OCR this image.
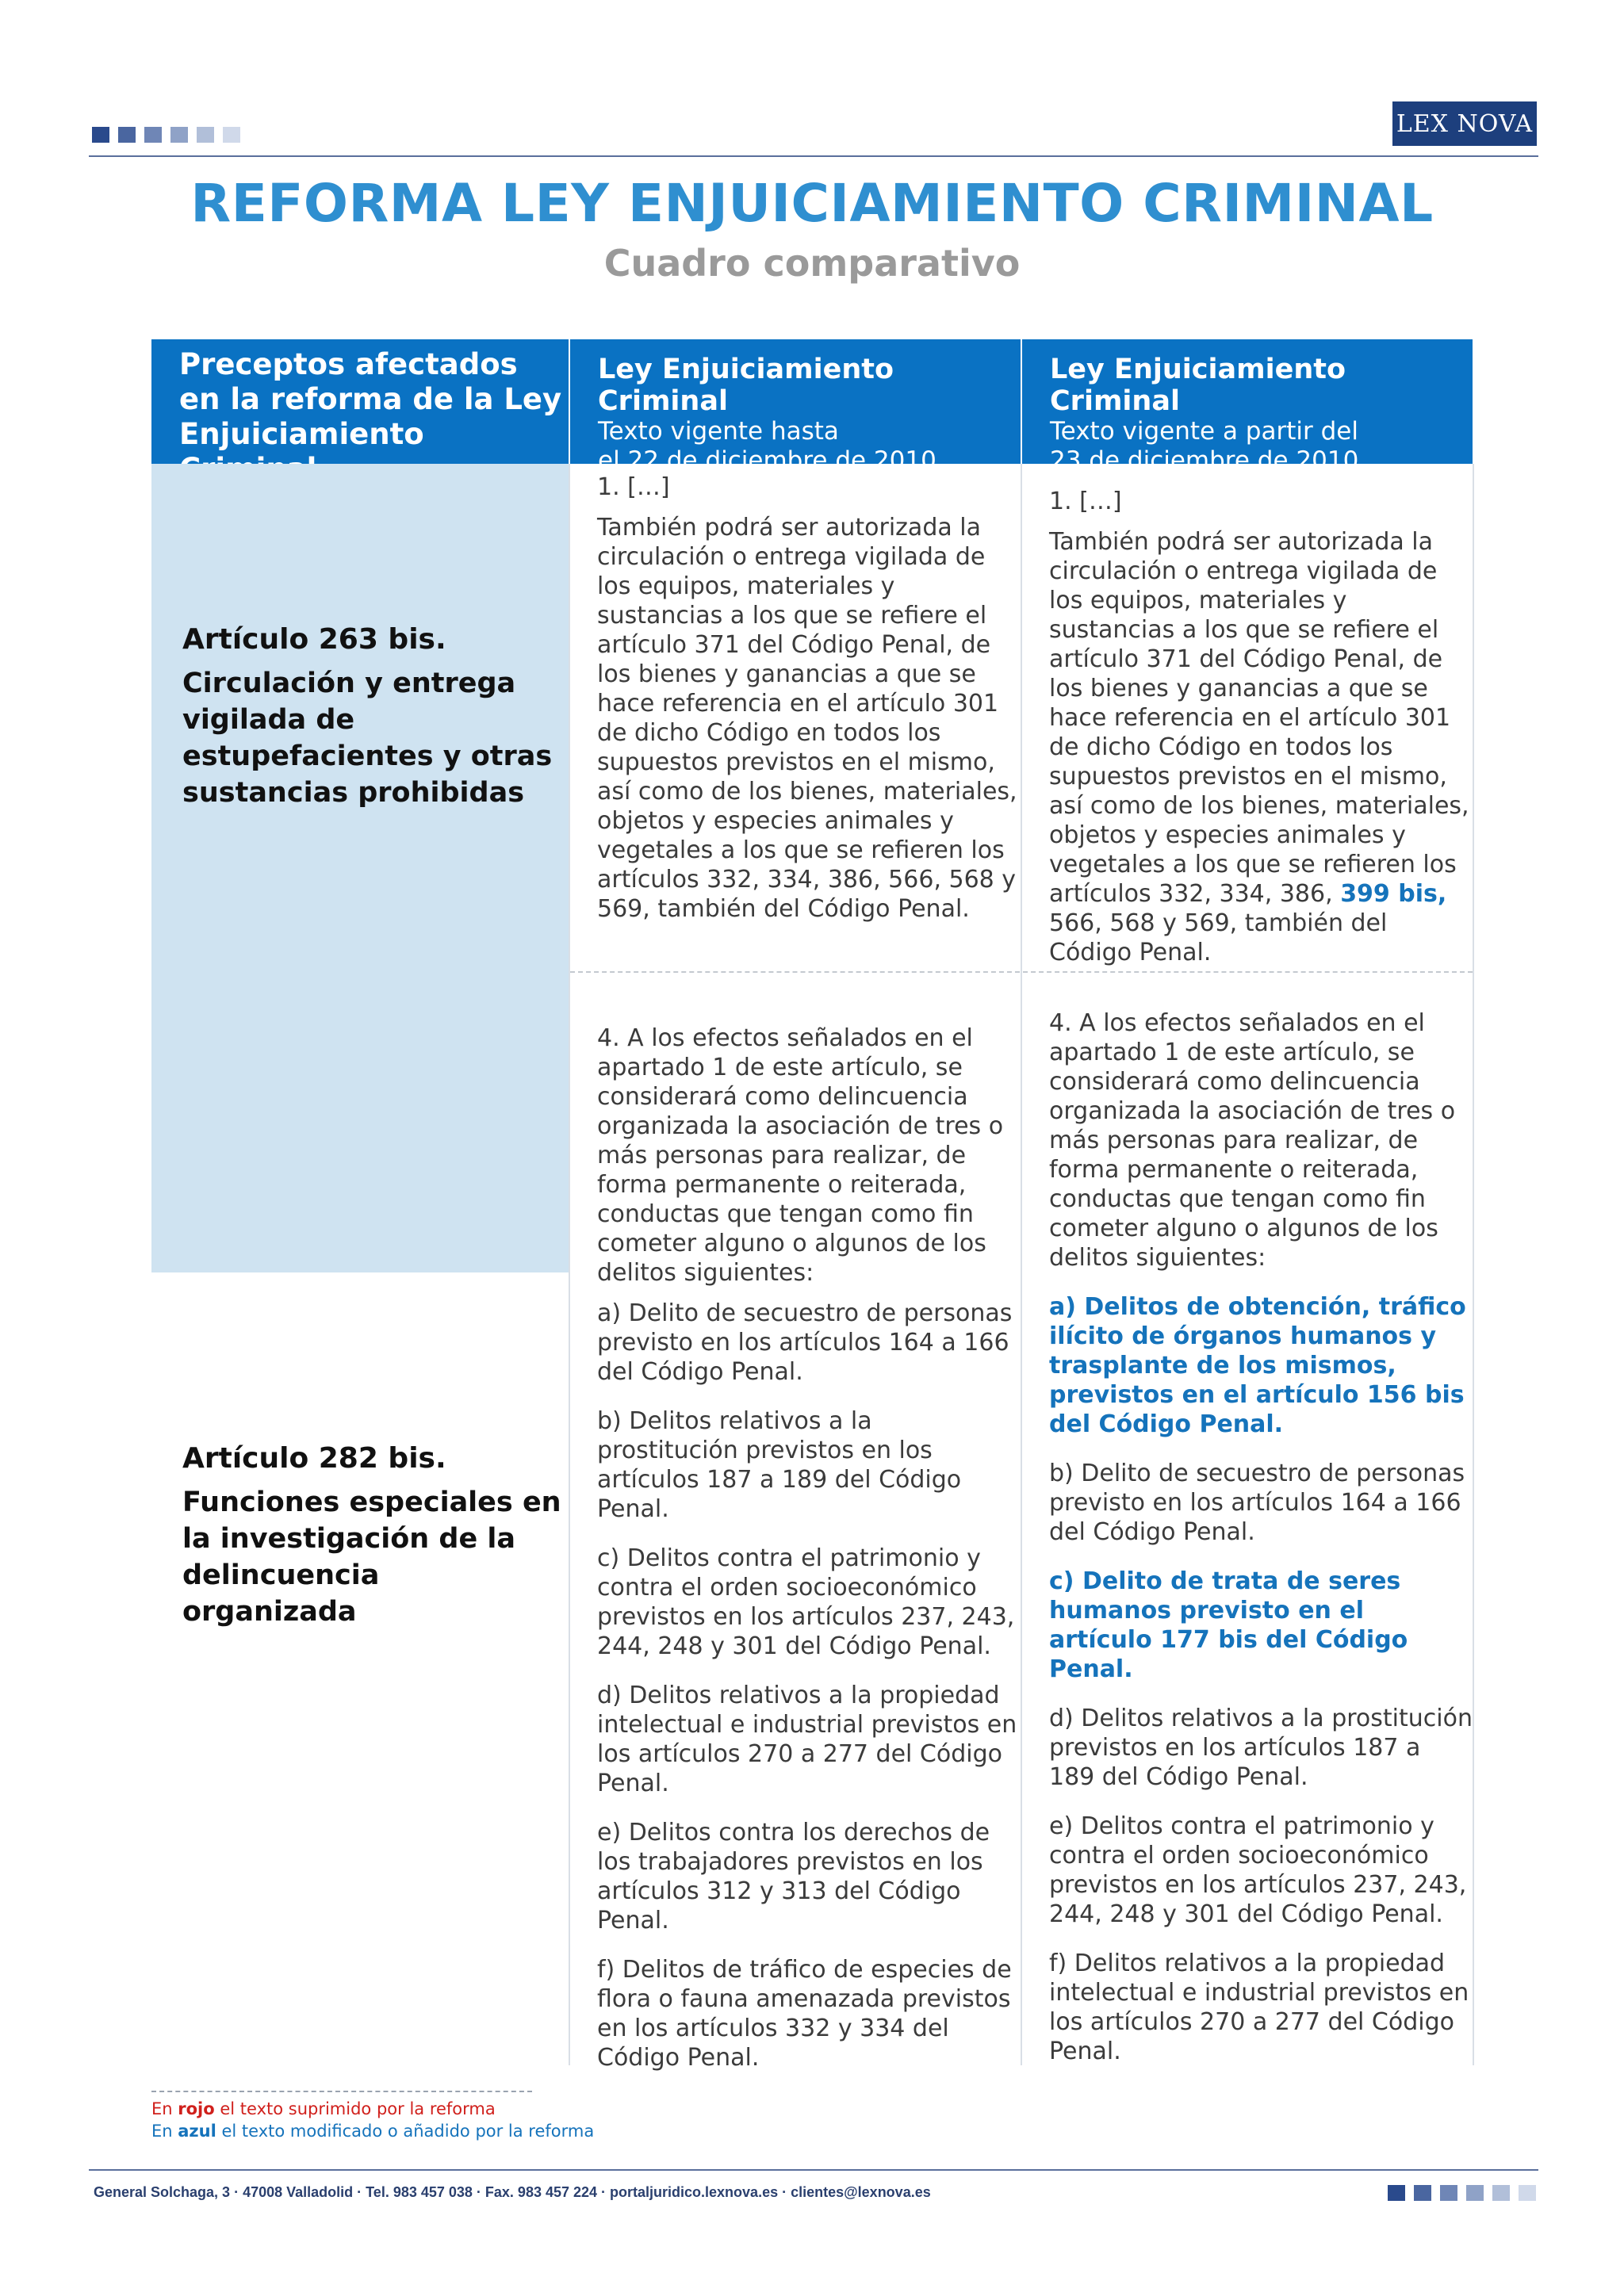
LEX NOVA
REFORMA LEY ENJUICIAMIENTO CRIMINAL
Cuadro comparativo
Preceptos afectados
en la reforma de la Ley
Enjuiciamiento
Ley Enjuiciamiento Criminal
Texto vigente hasta
el 22 de diciembre de 2010
Ley Enjuiciamiento Criminal
Texto vigente a partir del
23 de diciembre de 2010
Artículo 263 bis.
Circulación y entrega vigilada de estupefacientes y otras sustancias prohibidas

1. […]

También podrá ser autorizada la circulación o entrega vigilada de los equipos, materiales y sustancias a los que se refiere el artículo 371 del Código Penal, de los bienes y ganancias a que se hace referencia en el artículo 301 de dicho Código en todos los supuestos previstos en el mismo, así como de los bienes, materiales, objetos y especies animales y vegetales a los que se refieren los artículos 332, 334, 386, 566, 568 y 569, también del Código Penal.

1. […]

También podrá ser autorizada la circulación o entrega vigilada de los equipos, materiales y sustancias a los que se refiere el artículo 371 del Código Penal, de los bienes y ganancias a que se hace referencia en el artículo 301 de dicho Código en todos los supuestos previstos en el mismo, así como de los bienes, materiales, objetos y especies animales y vegetales a los que se refieren los artículos 332, 334, 386, 399 bis, 566, 568 y 569, también del Código Penal.

Artículo 282 bis.
Funciones especiales en la investigación de la delincuencia organizada

4. A los efectos señalados en el apartado 1 de este artículo, se considerará como delincuencia organizada la asociación de tres o más personas para realizar, de forma permanente o reiterada, conductas que tengan como fin cometer alguno o algunos de los delitos siguientes:

a) Delito de secuestro de personas previsto en los artículos 164 a 166 del Código Penal.

b) Delitos relativos a la prostitución previstos en los artículos 187 a 189 del Código Penal.

c) Delitos contra el patrimonio y contra el orden socioeconómico previstos en los artículos 237, 243, 244, 248 y 301 del Código Penal.

d) Delitos relativos a la propiedad intelectual e industrial previstos en los artículos 270 a 277 del Código Penal.

e) Delitos contra los derechos de los trabajadores previstos en los artículos 312 y 313 del Código Penal.

f) Delitos de tráfico de especies de flora o fauna amenazada previstos en los artículos 332 y 334 del Código Penal.

4. A los efectos señalados en el apartado 1 de este artículo, se considerará como delincuencia organizada la asociación de tres o más personas para realizar, de forma permanente o reiterada, conductas que tengan como fin cometer alguno o algunos de los delitos siguientes:

a) Delitos de obtención, tráfico ilícito de órganos humanos y trasplante de los mismos, previstos en el artículo 156 bis del Código Penal.

b) Delito de secuestro de personas previsto en los artículos 164 a 166 del Código Penal.

c) Delito de trata de seres humanos previsto en el artículo 177 bis del Código Penal.

d) Delitos relativos a la prostitución previstos en los artículos 187 a 189 del Código Penal.

e) Delitos contra el patrimonio y contra el orden socioeconómico previstos en los artículos 237, 243, 244, 248 y 301 del Código Penal.

f) Delitos relativos a la propiedad intelectual e industrial previstos en los artículos 270 a 277 del Código Penal.

En rojo el texto suprimido por la reforma
En azul el texto modificado o añadido por la reforma
General Solchaga, 3 · 47008 Valladolid · Tel. 983 457 038 · Fax. 983 457 224 · portaljuridico.lexnova.es · clientes@lexnova.es
